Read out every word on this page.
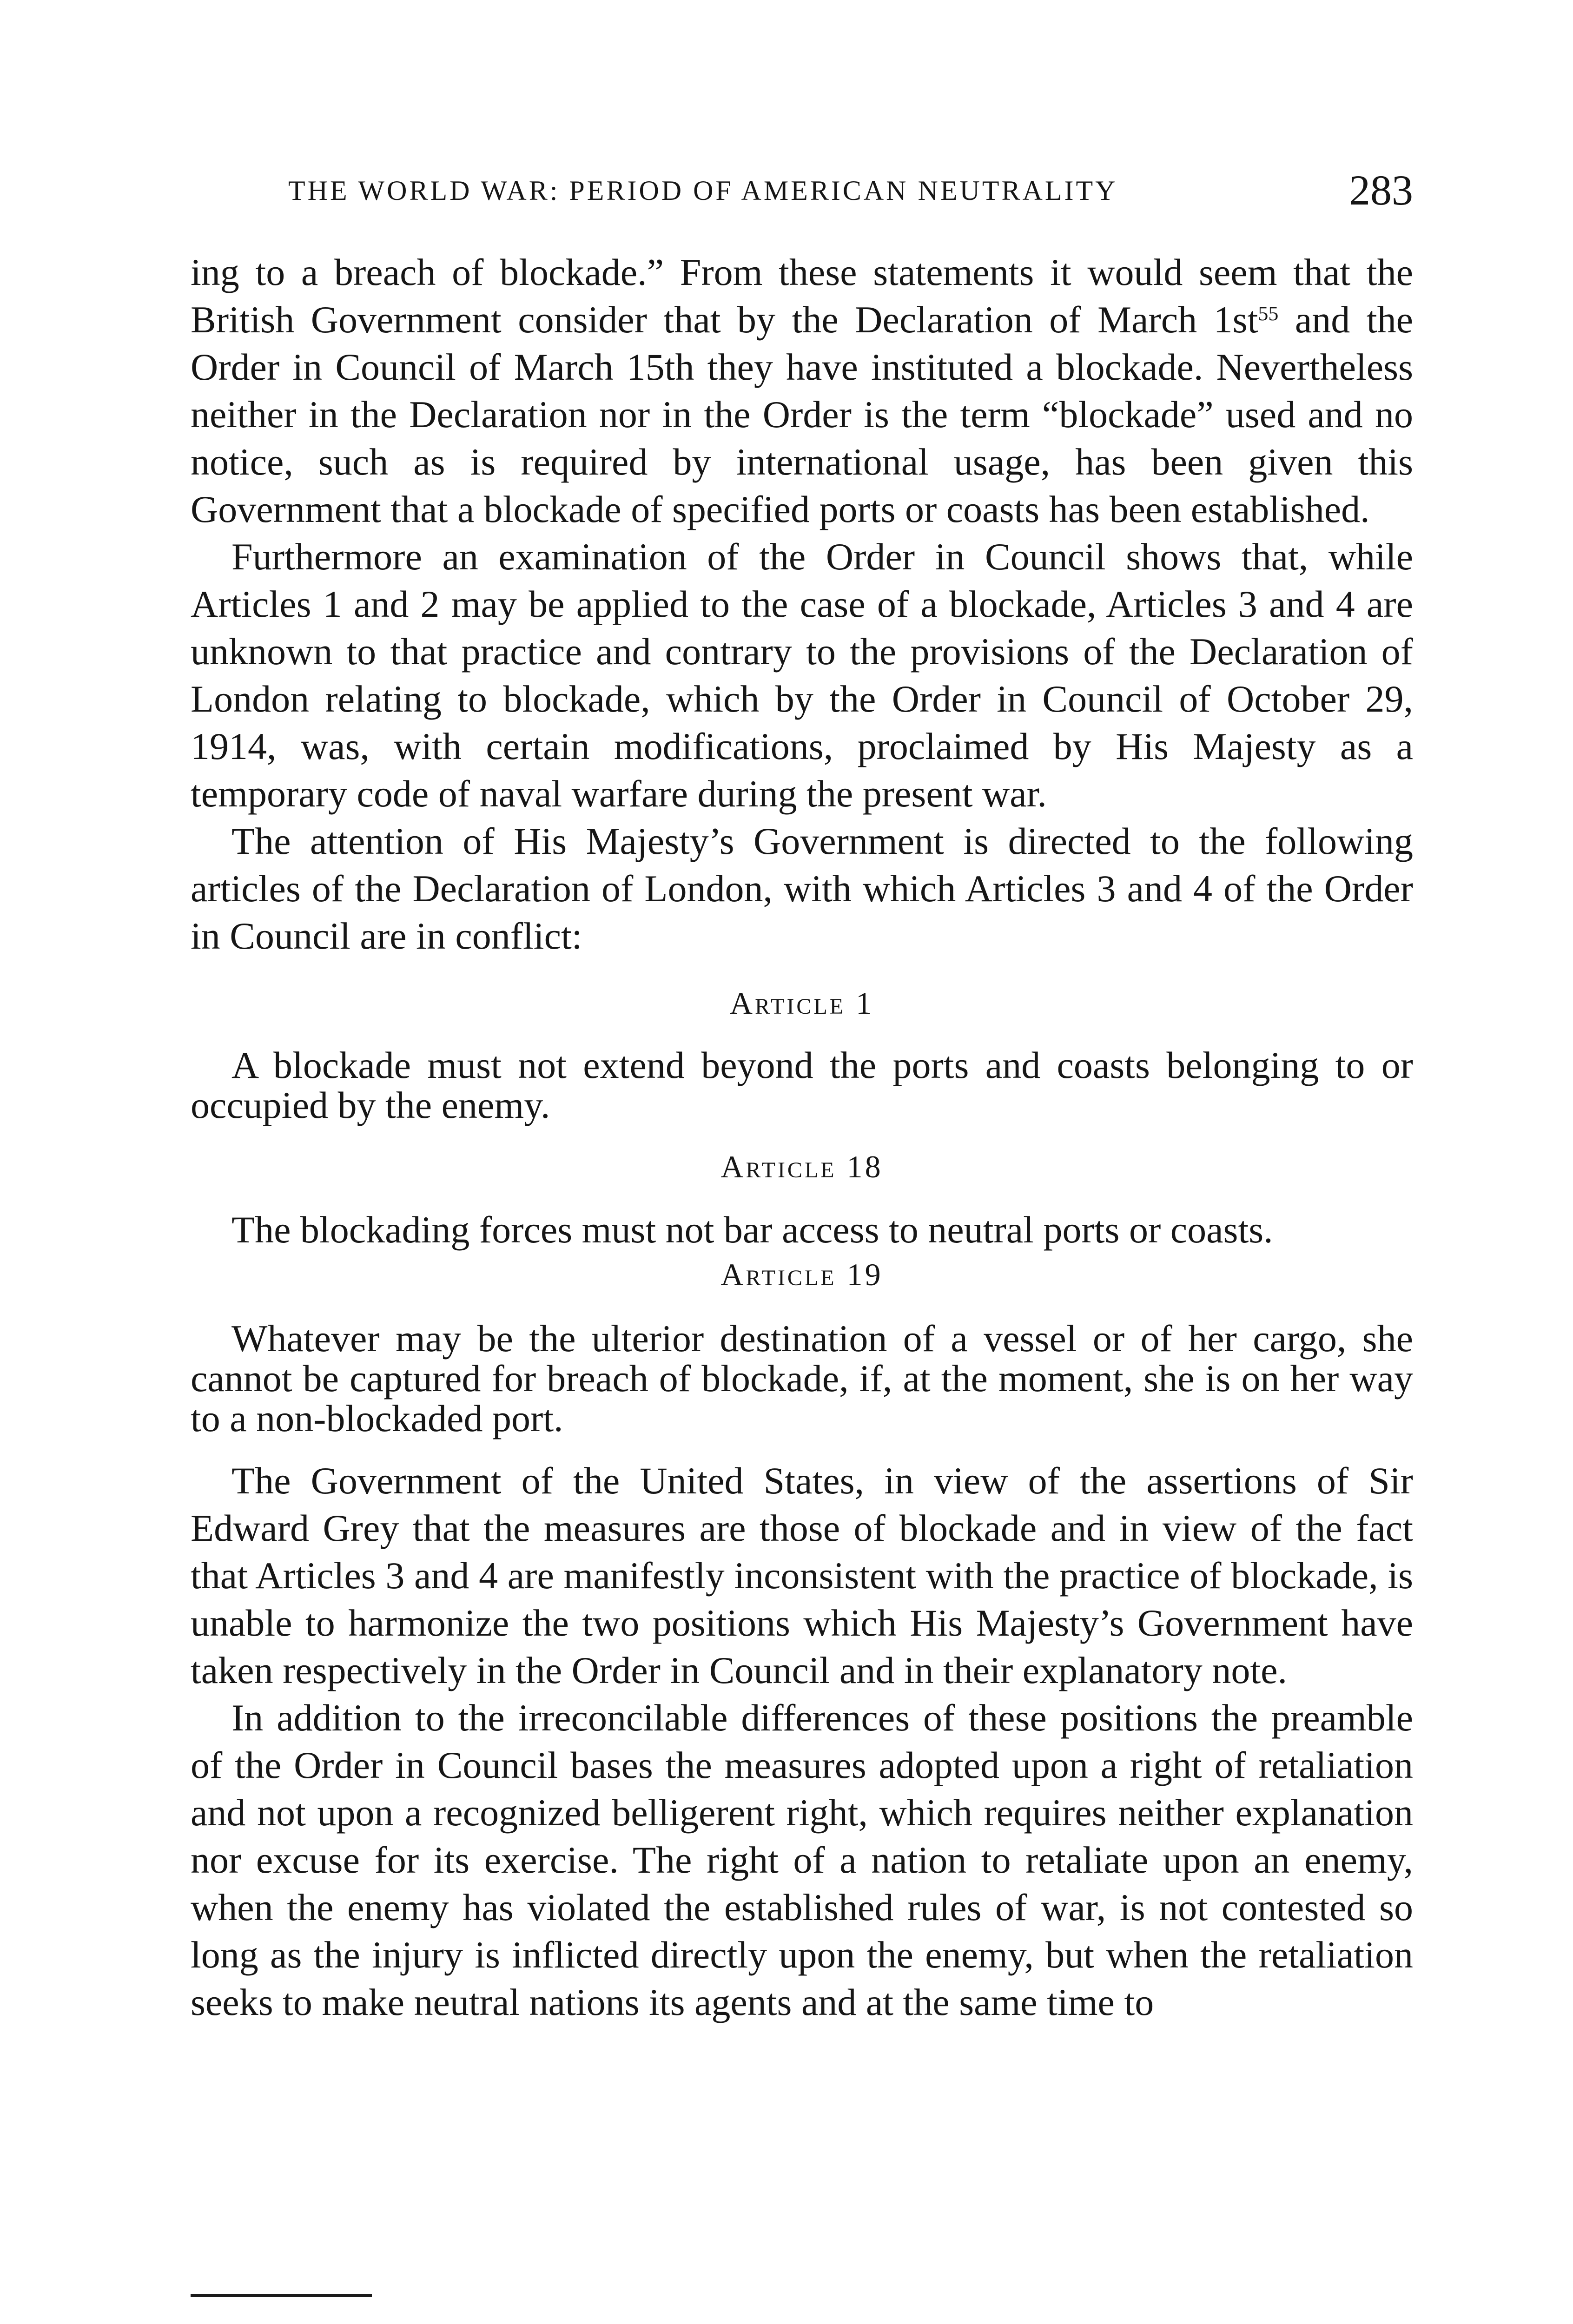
THE WORLD WAR: PERIOD OF AMERICAN NEUTRALITY	283

ing to a breach of blockade.” From these statements it would seem that the British Government consider that by the Declaration of March 1st$^{55}$ and the Order in Council of March 15th they have instituted a blockade. Nevertheless neither in the Declaration nor in the Order is the term “blockade” used and no notice, such as is required by international usage, has been given this Government that a blockade of specified ports or coasts has been established.

Furthermore an examination of the Order in Council shows that, while Articles 1 and 2 may be applied to the case of a blockade, Articles 3 and 4 are unknown to that practice and contrary to the provisions of the Declaration of London relating to blockade, which by the Order in Council of October 29, 1914, was, with certain modifications, proclaimed by His Majesty as a temporary code of naval warfare during the present war.

The attention of His Majesty’s Government is directed to the following articles of the Declaration of London, with which Articles 3 and 4 of the Order in Council are in conflict:

Article 1

A blockade must not extend beyond the ports and coasts belonging to or occupied by the enemy.

Article 18

The blockading forces must not bar access to neutral ports or coasts.

Article 19

Whatever may be the ulterior destination of a vessel or of her cargo, she cannot be captured for breach of blockade, if, at the moment, she is on her way to a non-blockaded port.

The Government of the United States, in view of the assertions of Sir Edward Grey that the measures are those of blockade and in view of the fact that Articles 3 and 4 are manifestly inconsistent with the practice of blockade, is unable to harmonize the two positions which His Majesty’s Government have taken respectively in the Order in Council and in their explanatory note.

In addition to the irreconcilable differences of these positions the preamble of the Order in Council bases the measures adopted upon a right of retaliation and not upon a recognized belligerent right, which requires neither explanation nor excuse for its exercise. The right of a nation to retaliate upon an enemy, when the enemy has violated the established rules of war, is not contested so long as the injury is inflicted directly upon the enemy, but when the retaliation seeks to make neutral nations its agents and at the same time to
